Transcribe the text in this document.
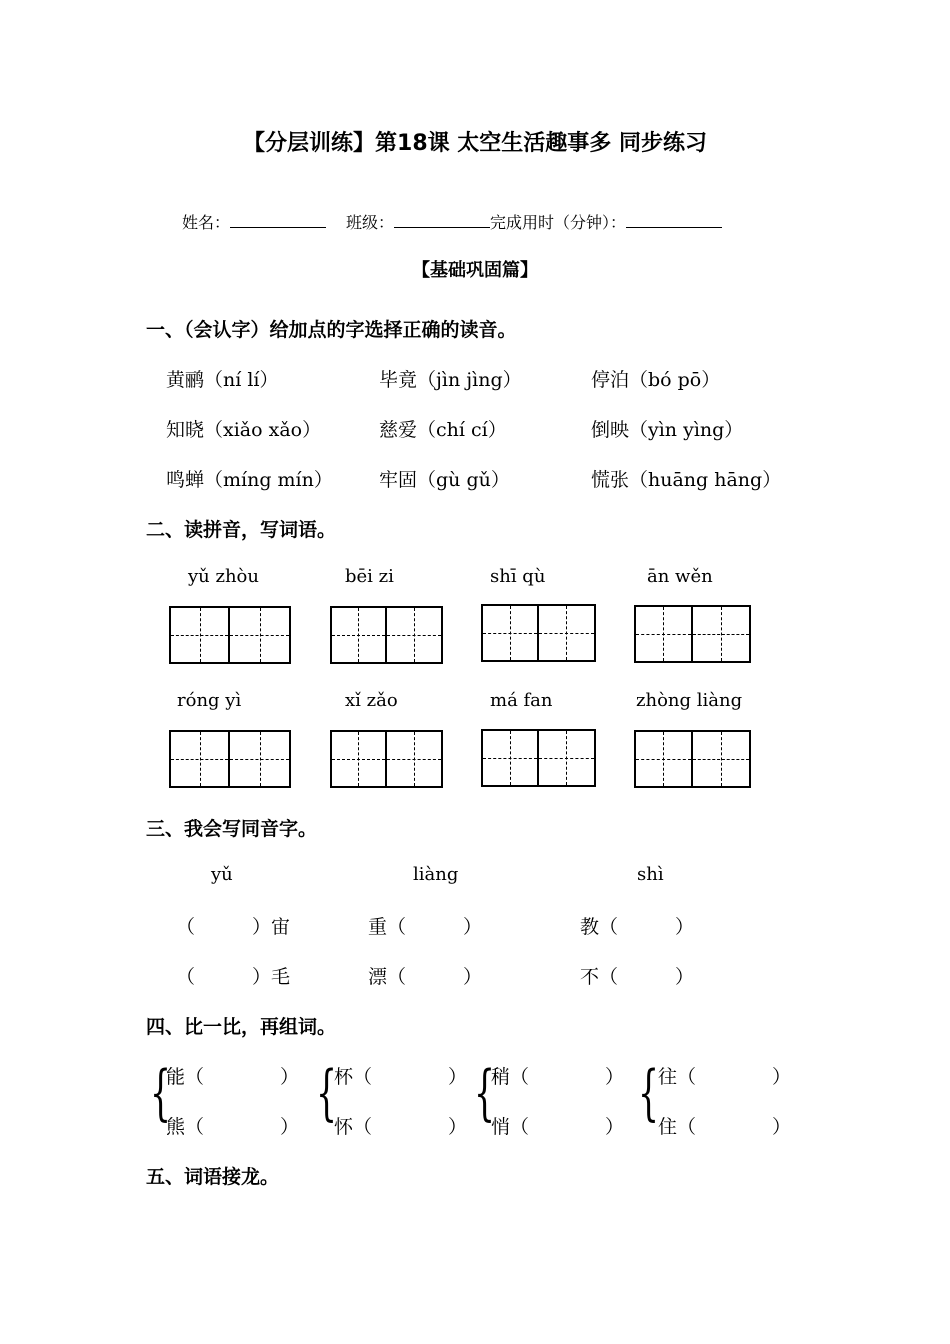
【分层训练】第18课 太空生活趣事多 同步练习
姓名：	班级：	完成用时（分钟）：
【基础巩固篇】
一、（会认字）给加点的字选择正确的读音。
黄鹂（ní lí）	毕竟（jìn jìng）	停泊（bó pō）
知晓（xiǎo xǎo）	慈爱（chí cí）	倒映（yìn yìng）
鸣蝉（míng mín） 牢固（gù gǔ）	慌张（huāng hāng）
二、读拼音，写词语。
yǔ zhòu	bēi zi	shī qù	ān wěn
róng yì	xǐ zǎo	má fan	zhòng liàng
三、我会写同音字。
yǔ	liàng	shì
（　　　）宙	重（　　　）	教（　　　）
（　　　）毛	漂（　　　）	不（　　　）
四、比一比，再组词。
{ { { {
能（　　　　） 杯（　　　　） 稍（　　　　） 往（　　　　）
熊（　　　　） 怀（　　　　） 悄（　　　　） 住（　　　　）
五、词语接龙。
